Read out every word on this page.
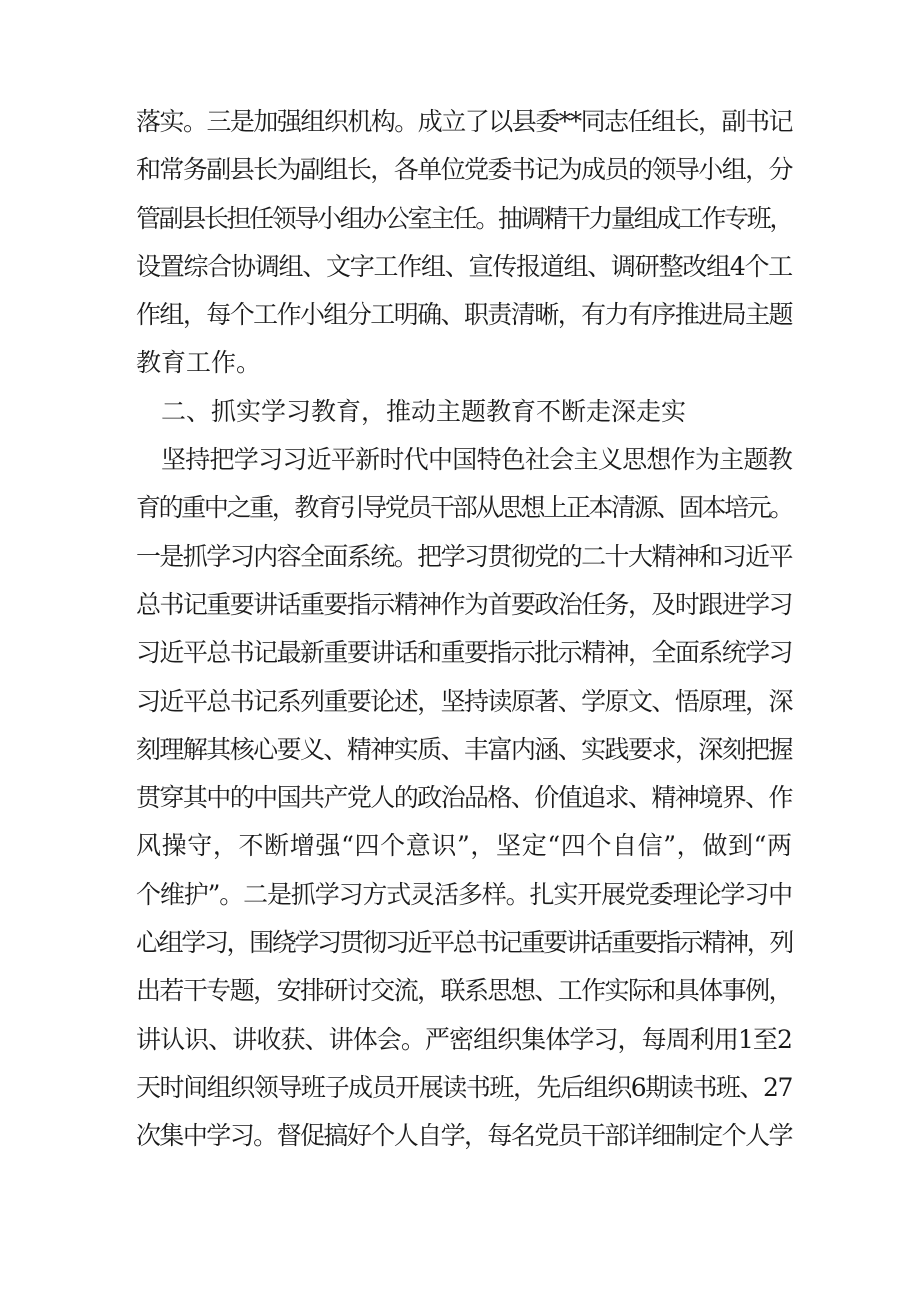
落实。三是加强组织机构。成立了以县委**同志任组长，副书记
和常务副县长为副组长，各单位党委书记为成员的领导小组，分
管副县长担任领导小组办公室主任。抽调精干力量组成工作专班，
设置综合协调组、文字工作组、宣传报道组、调研整改组4个工
作组，每个工作小组分工明确、职责清晰，有力有序推进局主题
教育工作。
二、抓实学习教育，推动主题教育不断走深走实
坚持把学习习近平新时代中国特色社会主义思想作为主题教
育的重中之重，教育引导党员干部从思想上正本清源、固本培元。
一是抓学习内容全面系统。把学习贯彻党的二十大精神和习近平
总书记重要讲话重要指示精神作为首要政治任务，及时跟进学习
习近平总书记最新重要讲话和重要指示批示精神，全面系统学习
习近平总书记系列重要论述，坚持读原著、学原文、悟原理，深
刻理解其核心要义、精神实质、丰富内涵、实践要求，深刻把握
贯穿其中的中国共产党人的政治品格、价值追求、精神境界、作
风操守，不断增强“四个意识”，坚定“四个自信”，做到“两
个维护”。二是抓学习方式灵活多样。扎实开展党委理论学习中
心组学习，围绕学习贯彻习近平总书记重要讲话重要指示精神，列
出若干专题，安排研讨交流，联系思想、工作实际和具体事例，
讲认识、讲收获、讲体会。严密组织集体学习，每周利用1至2
天时间组织领导班子成员开展读书班，先后组织6期读书班、27
次集中学习。督促搞好个人自学，每名党员干部详细制定个人学
